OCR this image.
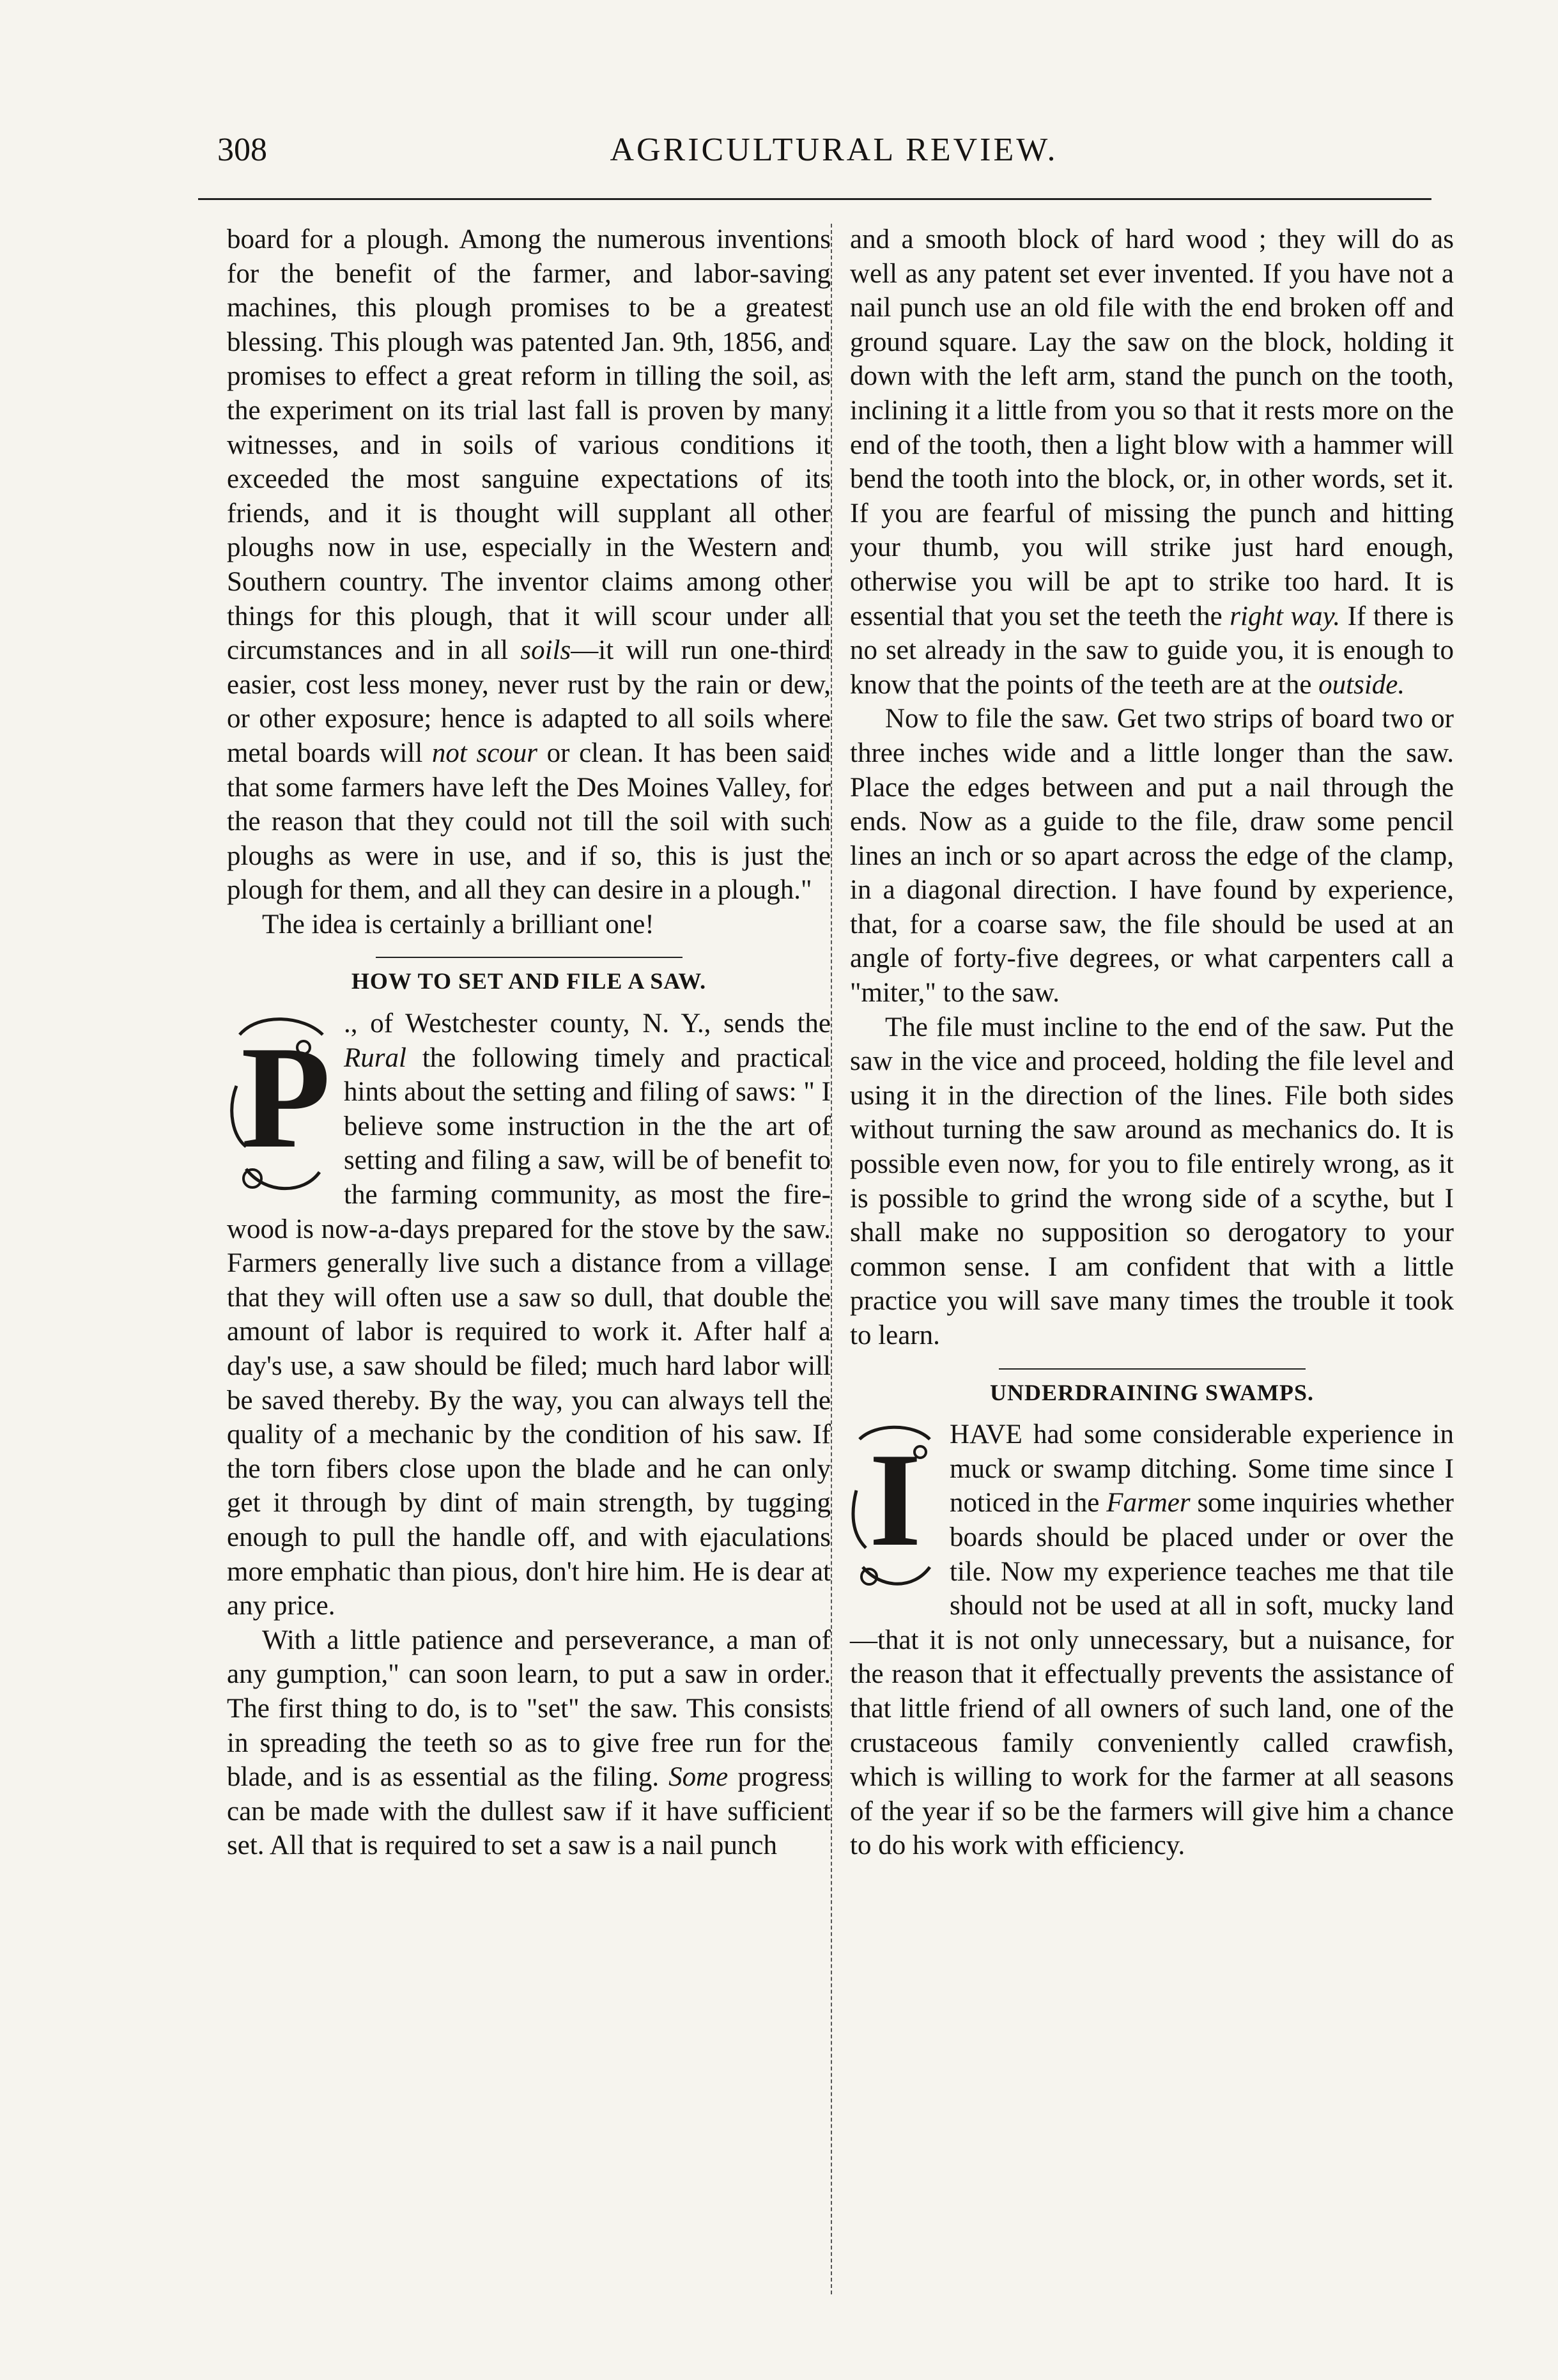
308	AGRICULTURAL REVIEW.

board for a plough. Among the numerous inventions for the benefit of the farmer, and labor-saving machines, this plough promises to be a greatest blessing. This plough was patented Jan. 9th, 1856, and promises to effect a great reform in tilling the soil, as the experiment on its trial last fall is proven by many witnesses, and in soils of various conditions it exceeded the most sanguine expectations of its friends, and it is thought will supplant all other ploughs now in use, especially in the Western and Southern country. The inventor claims among other things for this plough, that it will scour under all circumstances and in all soils—it will run one-third easier, cost less money, never rust by the rain or dew, or other exposure; hence is adapted to all soils where metal boards will not scour or clean. It has been said that some farmers have left the Des Moines Valley, for the reason that they could not till the soil with such ploughs as were in use, and if so, this is just the plough for them, and all they can desire in a plough."

The idea is certainly a brilliant one!

HOW TO SET AND FILE A SAW.

P ., of Westchester county, N. Y., sends the Rural the following timely and practical hints about the setting and filing of saws: " I believe some instruction in the the art of setting and filing a saw, will be of benefit to the farming community, as most the fire-wood is now-a-days prepared for the stove by the saw. Farmers generally live such a distance from a village that they will often use a saw so dull, that double the amount of labor is required to work it. After half a day's use, a saw should be filed; much hard labor will be saved thereby. By the way, you can always tell the quality of a mechanic by the condition of his saw. If the torn fibers close upon the blade and he can only get it through by dint of main strength, by tugging enough to pull the handle off, and with ejaculations more emphatic than pious, don't hire him. He is dear at any price.

With a little patience and perseverance, a man of any gumption," can soon learn, to put a saw in order. The first thing to do, is to "set" the saw. This consists in spreading the teeth so as to give free run for the blade, and is as essential as the filing. Some progress can be made with the dullest saw if it have sufficient set. All that is required to set a saw is a nail punch

and a smooth block of hard wood ; they will do as well as any patent set ever invented. If you have not a nail punch use an old file with the end broken off and ground square. Lay the saw on the block, holding it down with the left arm, stand the punch on the tooth, inclining it a little from you so that it rests more on the end of the tooth, then a light blow with a hammer will bend the tooth into the block, or, in other words, set it. If you are fearful of missing the punch and hitting your thumb, you will strike just hard enough, otherwise you will be apt to strike too hard. It is essential that you set the teeth the right way. If there is no set already in the saw to guide you, it is enough to know that the points of the teeth are at the outside.

Now to file the saw. Get two strips of board two or three inches wide and a little longer than the saw. Place the edges between and put a nail through the ends. Now as a guide to the file, draw some pencil lines an inch or so apart across the edge of the clamp, in a diagonal direction. I have found by experience, that, for a coarse saw, the file should be used at an angle of forty-five degrees, or what carpenters call a "miter," to the saw.

The file must incline to the end of the saw. Put the saw in the vice and proceed, holding the file level and using it in the direction of the lines. File both sides without turning the saw around as mechanics do. It is possible even now, for you to file entirely wrong, as it is possible to grind the wrong side of a scythe, but I shall make no supposition so derogatory to your common sense. I am confident that with a little practice you will save many times the trouble it took to learn.

UNDERDRAINING SWAMPS.

I HAVE had some considerable experience in muck or swamp ditching. Some time since I noticed in the Farmer some inquiries whether boards should be placed under or over the tile. Now my experience teaches me that tile should not be used at all in soft, mucky land—that it is not only unnecessary, but a nuisance, for the reason that it effectually prevents the assistance of that little friend of all owners of such land, one of the crustaceous family conveniently called crawfish, which is willing to work for the farmer at all seasons of the year if so be the farmers will give him a chance to do his work with efficiency.
